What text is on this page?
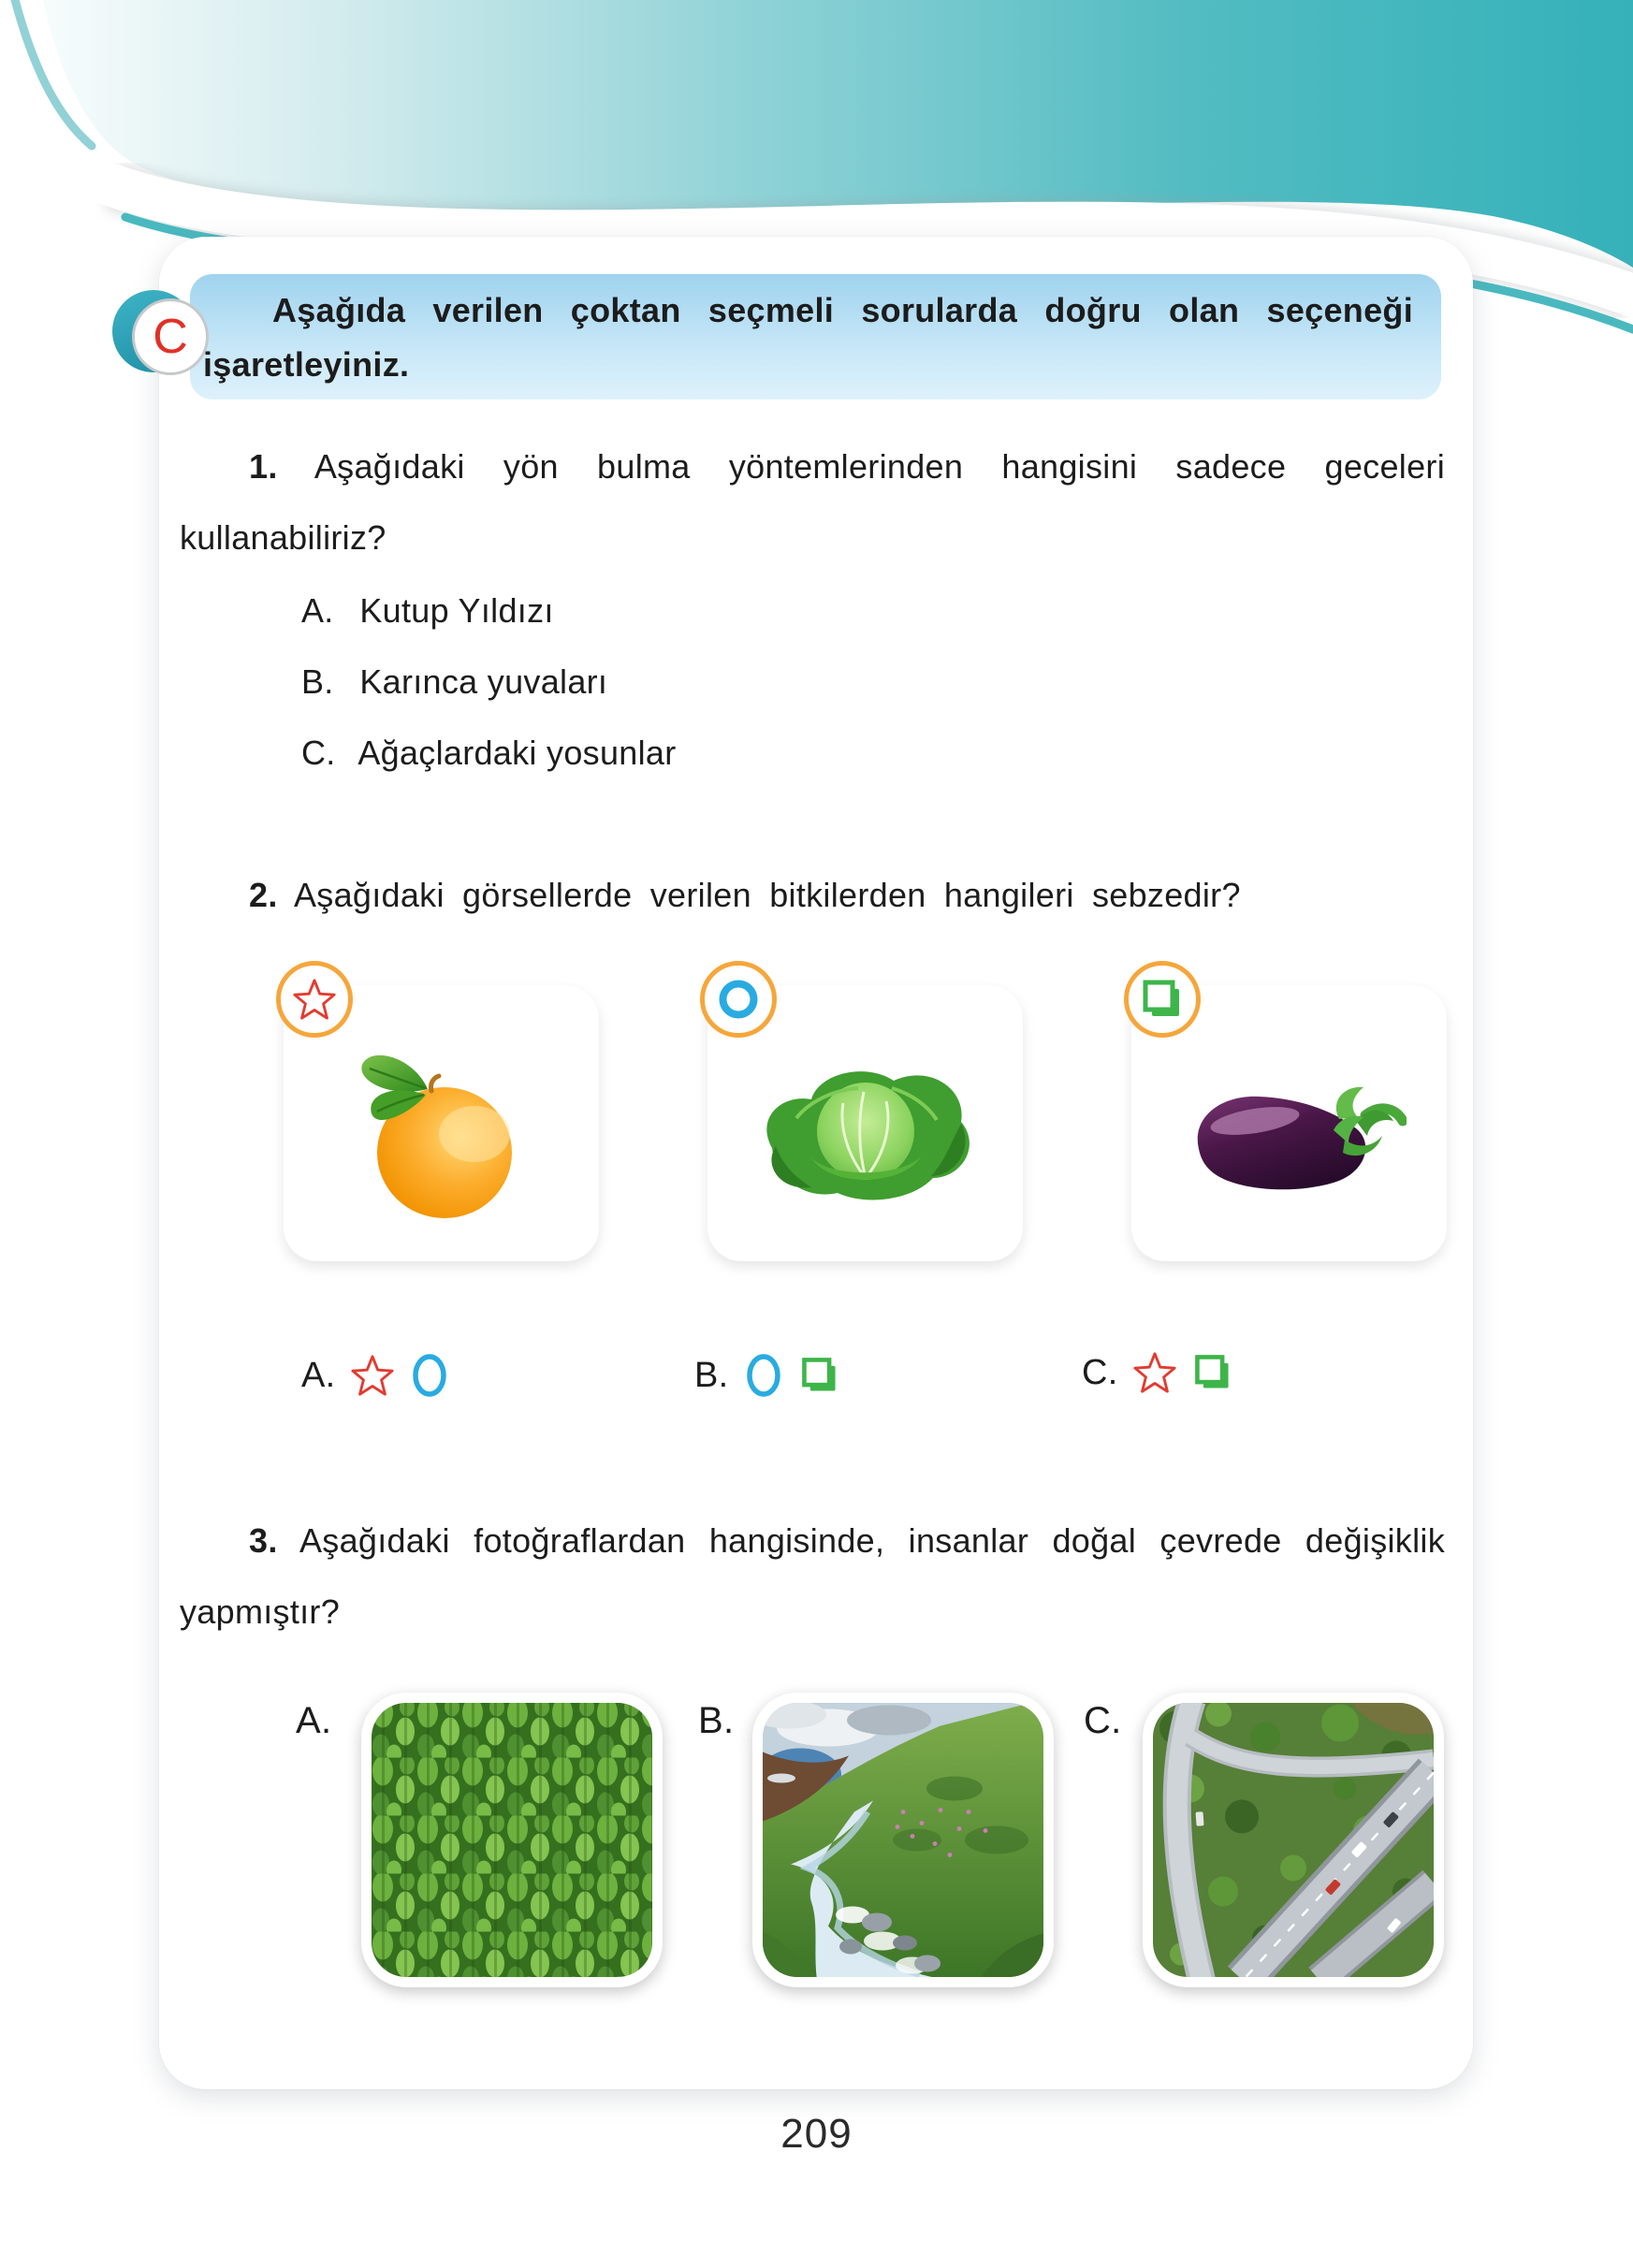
Aşağıda verilen çoktan seçmeli sorularda doğru olan seçeneği işaretleyiniz.

1. Aşağıdaki yön bulma yöntemlerinden hangisini sadece geceleri kullanabiliriz?

A. Kutup Yıldızı
B. Karınca yuvaları
C. Ağaçlardaki yosunlar

2. Aşağıdaki görsellerde verilen bitkilerden hangileri sebzedir?

A.	B.	C.

3. Aşağıdaki fotoğraflardan hangisinde, insanlar doğal çevrede değişiklik yapmıştır?

A.	B.	C.
C
209
